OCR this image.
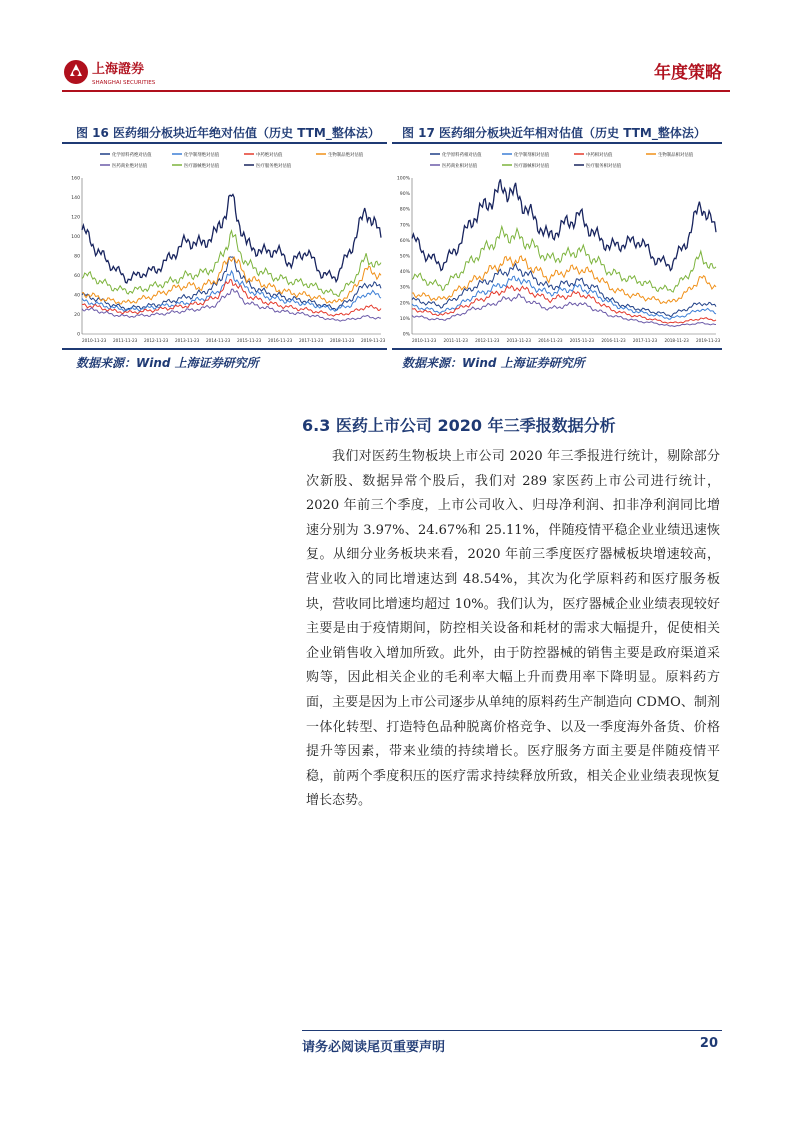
上海證券
SHANGHAI SECURITIES	年度策略
图 16 医药细分板块近年绝对估值（历史 TTM_整体法）
化学原料药绝对估值	化学制剂绝对估值	中药绝对估值	生物制品绝对估值
医药商业绝对估值	医疗器械绝对估值	医疗服务绝对估值
0
20
40
60
80
100
120
140
160
2010-11-23 2011-11-23 2012-11-23 2013-11-23 2014-11-23 2015-11-23 2016-11-23 2017-11-23 2018-11-23 2019-11-23
数据来源：Wind 上海证券研究所
图 17 医药细分板块近年相对估值（历史 TTM_整体法）
化学原料药相对估值	化学制剂相对估值	中药相对估值	生物制品相对估值
医药商业相对估值	医疗器械相对估值	医疗服务相对估值
0%
10%
20%
30%
40%
50%
60%
70%
80%
90%
100%
2010-11-23 2011-11-23 2012-11-23 2013-11-23 2014-11-23 2015-11-23 2016-11-23 2017-11-23 2018-11-23 2019-11-23
数据来源：Wind 上海证券研究所
6.3 医药上市公司 2020 年三季报数据分析
我们对医药生物板块上市公司 2020 年三季报进行统计，剔除部分次新股、数据异常个股后，我们对 289 家医药上市公司进行统计，2020 年前三个季度，上市公司收入、归母净利润、扣非净利润同比增速分别为 3.97%、24.67%和 25.11%，伴随疫情平稳企业业绩迅速恢复。从细分业务板块来看，2020 年前三季度医疗器械板块增速较高，营业收入的同比增速达到 48.54%，其次为化学原料药和医疗服务板块，营收同比增速均超过 10%。我们认为，医疗器械企业业绩表现较好主要是由于疫情期间，防控相关设备和耗材的需求大幅提升，促使相关企业销售收入增加所致。此外，由于防控器械的销售主要是政府渠道采购等，因此相关企业的毛利率大幅上升而费用率下降明显。原料药方面，主要是因为上市公司逐步从单纯的原料药生产制造向 CDMO、制剂一体化转型、打造特色品种脱离价格竞争、以及一季度海外备货、价格提升等因素，带来业绩的持续增长。医疗服务方面主要是伴随疫情平稳，前两个季度积压的医疗需求持续释放所致，相关企业业绩表现恢复增长态势。
请务必阅读尾页重要声明	20
